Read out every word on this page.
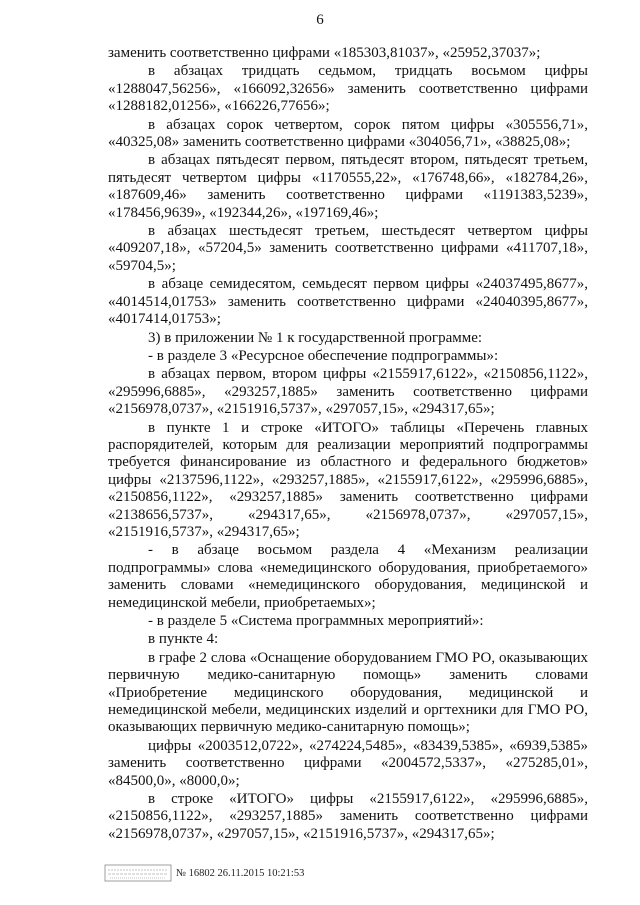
6

заменить соответственно цифрами «185303,81037», «25952,37037»;

в абзацах тридцать седьмом, тридцать восьмом цифры «1288047,56256», «166092,32656» заменить соответственно цифрами «1288182,01256», «166226,77656»;

в абзацах сорок четвертом, сорок пятом цифры «305556,71», «40325,08» заменить соответственно цифрами «304056,71», «38825,08»;

в абзацах пятьдесят первом, пятьдесят втором, пятьдесят третьем, пятьдесят четвертом цифры «1170555,22», «176748,66», «182784,26», «187609,46» заменить соответственно цифрами «1191383,5239», «178456,9639», «192344,26», «197169,46»;

в абзацах шестьдесят третьем, шестьдесят четвертом цифры «409207,18», «57204,5» заменить соответственно цифрами «411707,18», «59704,5»;

в абзаце семидесятом, семьдесят первом цифры «24037495,8677», «4014514,01753» заменить соответственно цифрами «24040395,8677», «4017414,01753»;

3) в приложении № 1 к государственной программе:

- в разделе 3 «Ресурсное обеспечение подпрограммы»:

в абзацах первом, втором цифры «2155917,6122», «2150856,1122», «295996,6885», «293257,1885» заменить соответственно цифрами «2156978,0737», «2151916,5737», «297057,15», «294317,65»;

в пункте 1 и строке «ИТОГО» таблицы «Перечень главных распорядителей, которым для реализации мероприятий подпрограммы требуется финансирование из областного и федерального бюджетов» цифры «2137596,1122», «293257,1885», «2155917,6122», «295996,6885», «2150856,1122», «293257,1885» заменить соответственно цифрами «2138656,5737», «294317,65», «2156978,0737», «297057,15», «2151916,5737», «294317,65»;

- в абзаце восьмом раздела 4 «Механизм реализации подпрограммы» слова «немедицинского оборудования, приобретаемого» заменить словами «немедицинского оборудования, медицинской и немедицинской мебели, приобретаемых»;

- в разделе 5 «Система программных мероприятий»:

в пункте 4:

в графе 2 слова «Оснащение оборудованием ГМО РО, оказывающих первичную медико-санитарную помощь» заменить словами «Приобретение медицинского оборудования, медицинской и немедицинской мебели, медицинских изделий и оргтехники для ГМО РО, оказывающих первичную медико-санитарную помощь»;

цифры «2003512,0722», «274224,5485», «83439,5385», «6939,5385» заменить соответственно цифрами «2004572,5337», «275285,01», «84500,0», «8000,0»;

в строке «ИТОГО» цифры «2155917,6122», «295996,6885», «2150856,1122», «293257,1885» заменить соответственно цифрами «2156978,0737», «297057,15», «2151916,5737», «294317,65»;

№ 16802 26.11.2015 10:21:53
